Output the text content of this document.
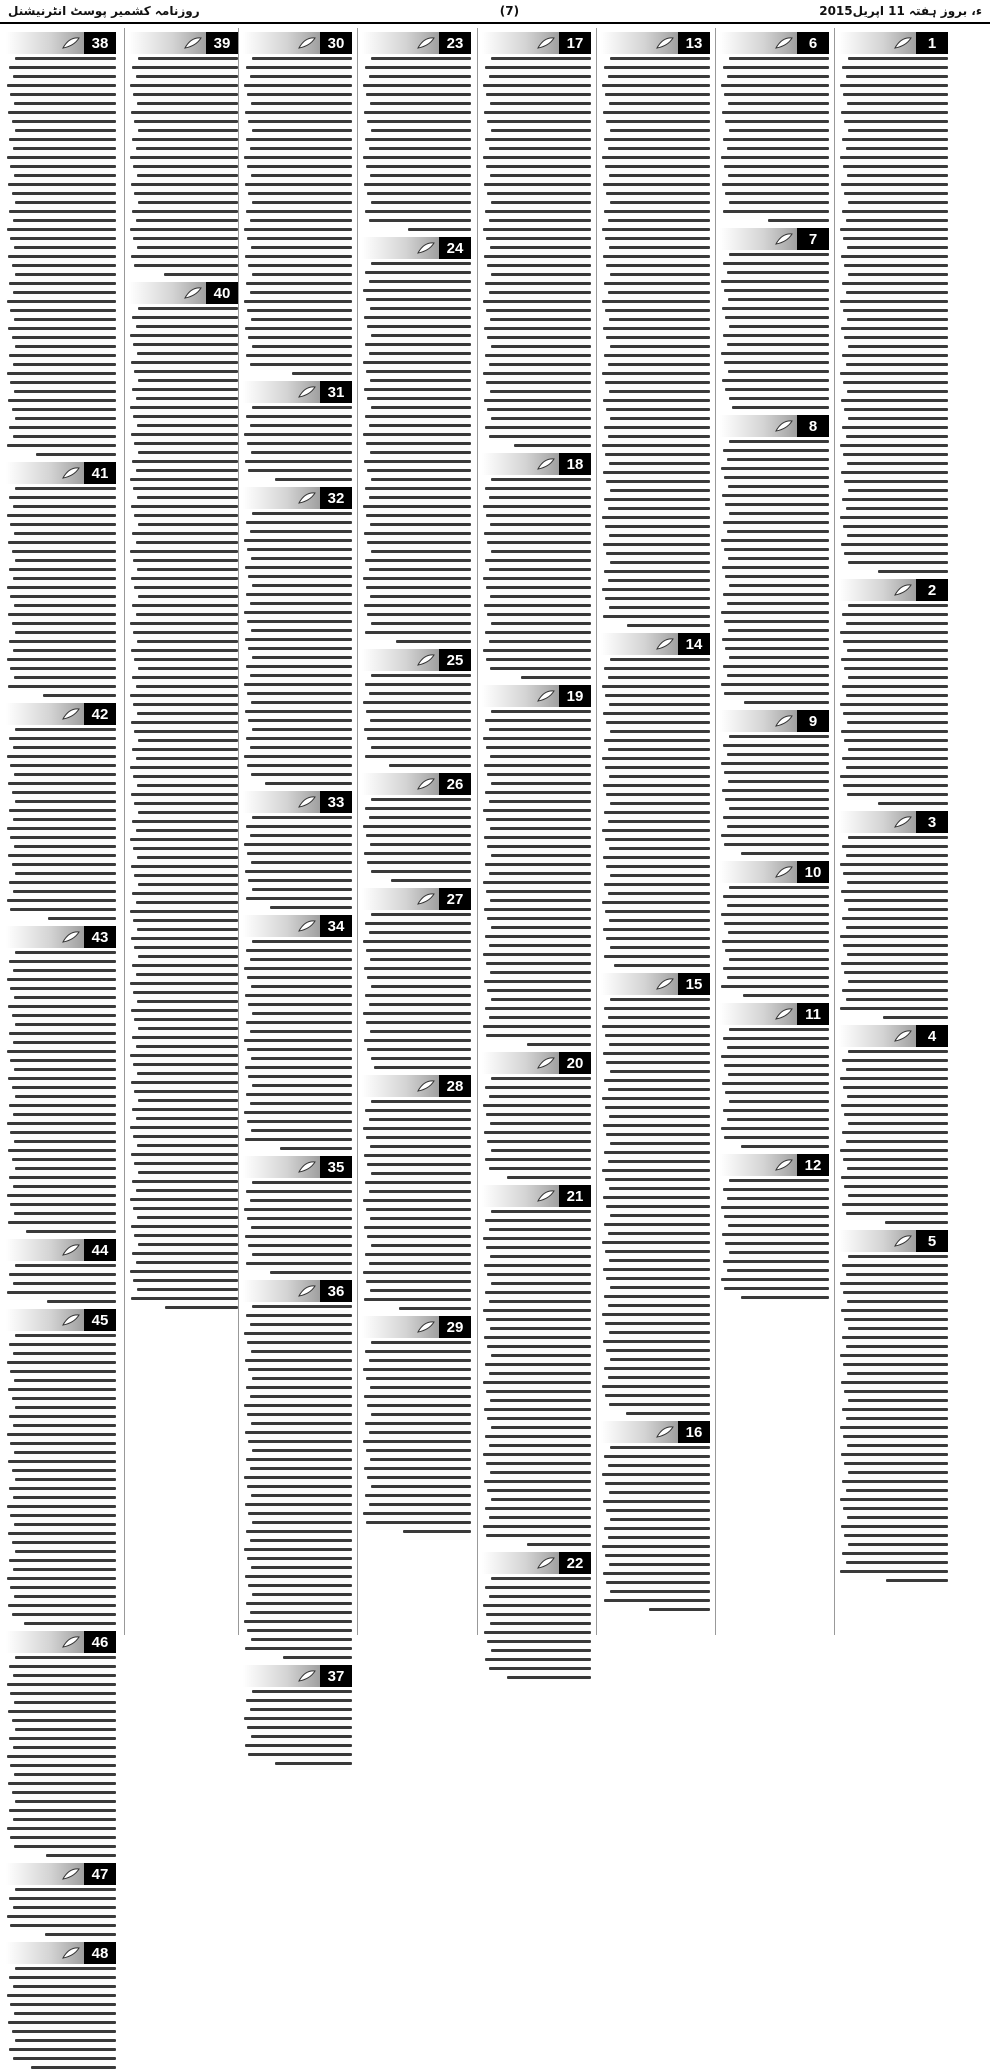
روزنامہ کشمیر پوسٹ انٹرنیشنل	(7)	2015ء، بروز ہفتہ 11 اپریل
38
41
42
43
44
45
46
47
48
39
40
30
31
32
33
34
35
36
37
23
24
25
26
27
28
29
17
18
19
20
21
22
13
14
15
16
6
7
8
9
10
11
12
1
2
3
4
5
